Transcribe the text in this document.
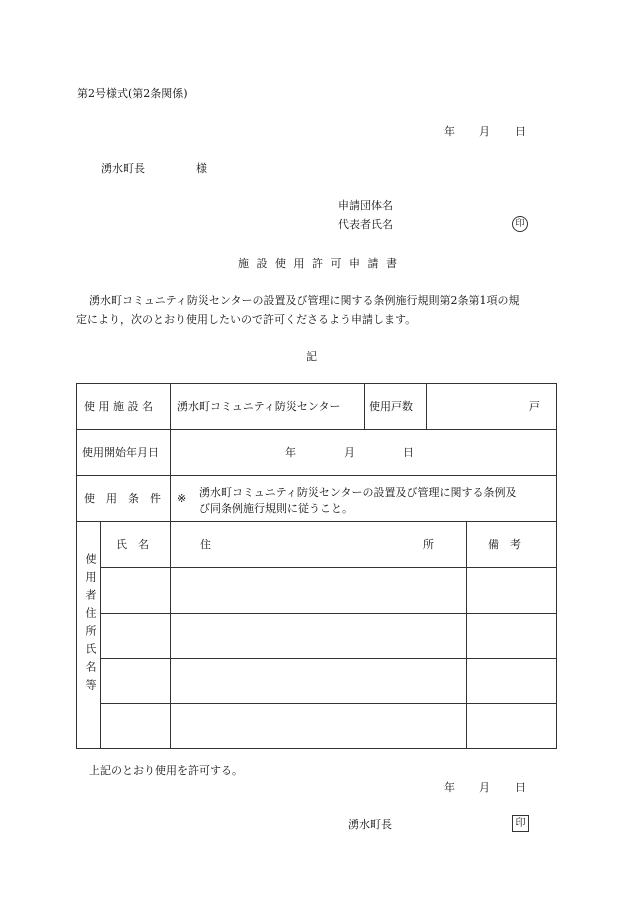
第2号様式(第2条関係)
年 月 日
湧水町長	様
申請団体名
代表者氏名	印
施 設 使 用 許 可 申 請 書
湧水町コミュニティ防災センターの設置及び管理に関する条例施行規則第2条第1項の規
定により，次のとおり使用したいので許可くださるよう申請します。
記
使 用 施 設 名 湧水町コミュニティ防災センター	使用戸数	戸
使用開始年月日	年	月	日
使　用　条　件 ※ 湧水町コミュニティ防災センターの設置及び管理に関する条例及
び同条例施行規則に従うこと。
使用者住所氏名等
氏　名	住	所	備　考
上記のとおり使用を許可する。
年 月 日
湧水町長	印
